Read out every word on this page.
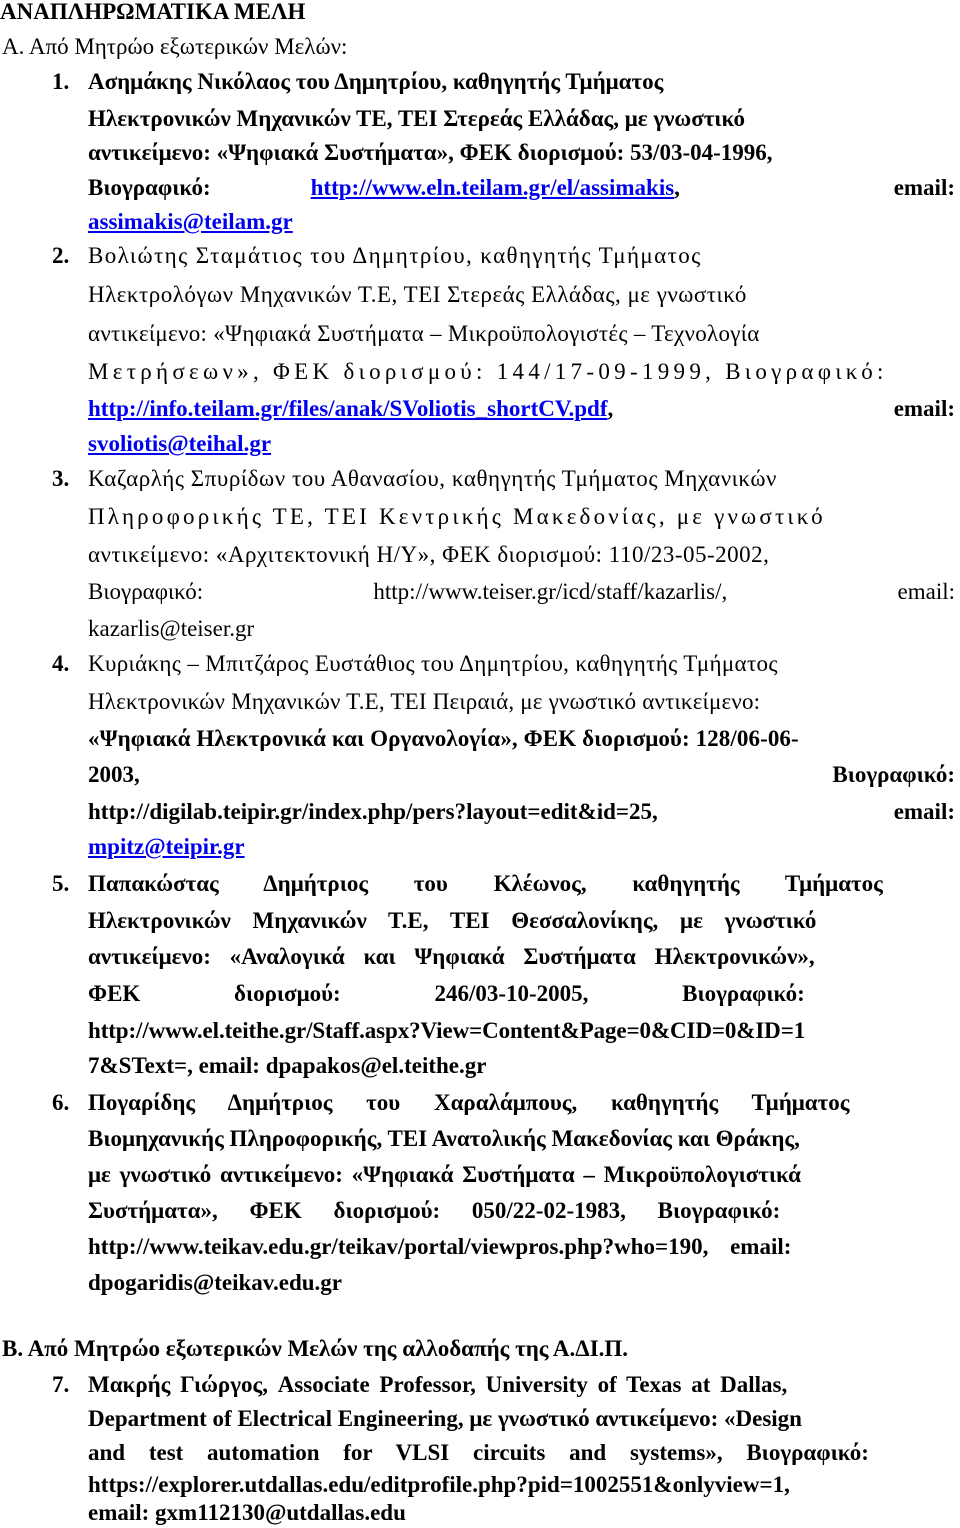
ΑΝΑΠΛΗΡΩΜΑΤΙΚΑ ΜΕΛΗ
Α. Από Μητρώο εξωτερικών Μελών:
1. Ασημάκης Νικόλαος του Δημητρίου, καθηγητής Τμήματος
Ηλεκτρονικών Μηχανικών ΤΕ, ΤΕΙ Στερεάς Ελλάδας, με γνωστικό
αντικείμενο: «Ψηφιακά Συστήματα», ΦΕΚ διορισμού: 53/03-04-1996,
Βιογραφικό:	http://www.eln.teilam.gr/el/assimakis,	email:
assimakis@teilam.gr
2. Βολιώτης Σταμάτιος του Δημητρίου, καθηγητής Τμήματος
Ηλεκτρολόγων Μηχανικών Τ.Ε, ΤΕΙ Στερεάς Ελλάδας, με γνωστικό
αντικείμενο: «Ψηφιακά Συστήματα – Μικροϋπολογιστές – Τεχνολογία
Μετρήσεων», ΦΕΚ διορισμού: 144/17-09-1999, Βιογραφικό:
http://info.teilam.gr/files/anak/SVoliotis_shortCV.pdf,	email:
svoliotis@teihal.gr
3. Καζαρλής Σπυρίδων του Αθανασίου, καθηγητής Τμήματος Μηχανικών
Πληροφορικής ΤΕ, ΤΕΙ Κεντρικής Μακεδονίας, με γνωστικό
αντικείμενο: «Αρχιτεκτονική Η/Υ», ΦΕΚ διορισμού: 110/23-05-2002,
Βιογραφικό:	http://www.teiser.gr/icd/staff/kazarlis/,	email:
kazarlis@teiser.gr
4. Κυριάκης – Μπιτζάρος Ευστάθιος του Δημητρίου, καθηγητής Τμήματος
Ηλεκτρονικών Μηχανικών Τ.Ε, ΤΕΙ Πειραιά, με γνωστικό αντικείμενο:
«Ψηφιακά Ηλεκτρονικά και Οργανολογία», ΦΕΚ διορισμού: 128/06-06-
2003,	Βιογραφικό:
http://digilab.teipir.gr/index.php/pers?layout=edit&id=25,	email:
mpitz@teipir.gr
5. Παπακώστας Δημήτριος του Κλέωνος, καθηγητής Τμήματος
Ηλεκτρονικών Μηχανικών Τ.Ε, ΤΕΙ Θεσσαλονίκης, με γνωστικό
αντικείμενο: «Αναλογικά και Ψηφιακά Συστήματα Ηλεκτρονικών»,
ΦΕΚ διορισμού: 246/03-10-2005, Βιογραφικό:
http://www.el.teithe.gr/Staff.aspx?View=Content&Page=0&CID=0&ID=1
7&SText=, email: dpapakos@el.teithe.gr
6. Πογαρίδης Δημήτριος του Χαραλάμπους, καθηγητής Τμήματος
Βιομηχανικής Πληροφορικής, ΤΕΙ Ανατολικής Μακεδονίας και Θράκης,
με γνωστικό αντικείμενο: «Ψηφιακά Συστήματα – Μικροϋπολογιστικά
Συστήματα», ΦΕΚ διορισμού: 050/22-02-1983, Βιογραφικό:
http://www.teikav.edu.gr/teikav/portal/viewpros.php?who=190, email:
dpogaridis@teikav.edu.gr
Β. Από Μητρώο εξωτερικών Μελών της αλλοδαπής της Α.ΔΙ.Π.
7. Μακρής Γιώργος, Associate Professor, University of Texas at Dallas,
Department of Electrical Engineering, με γνωστικό αντικείμενο: «Design
and test automation for VLSI circuits and systems», Βιογραφικό:
https://explorer.utdallas.edu/editprofile.php?pid=1002551&onlyview=1,
email: gxm112130@utdallas.edu
